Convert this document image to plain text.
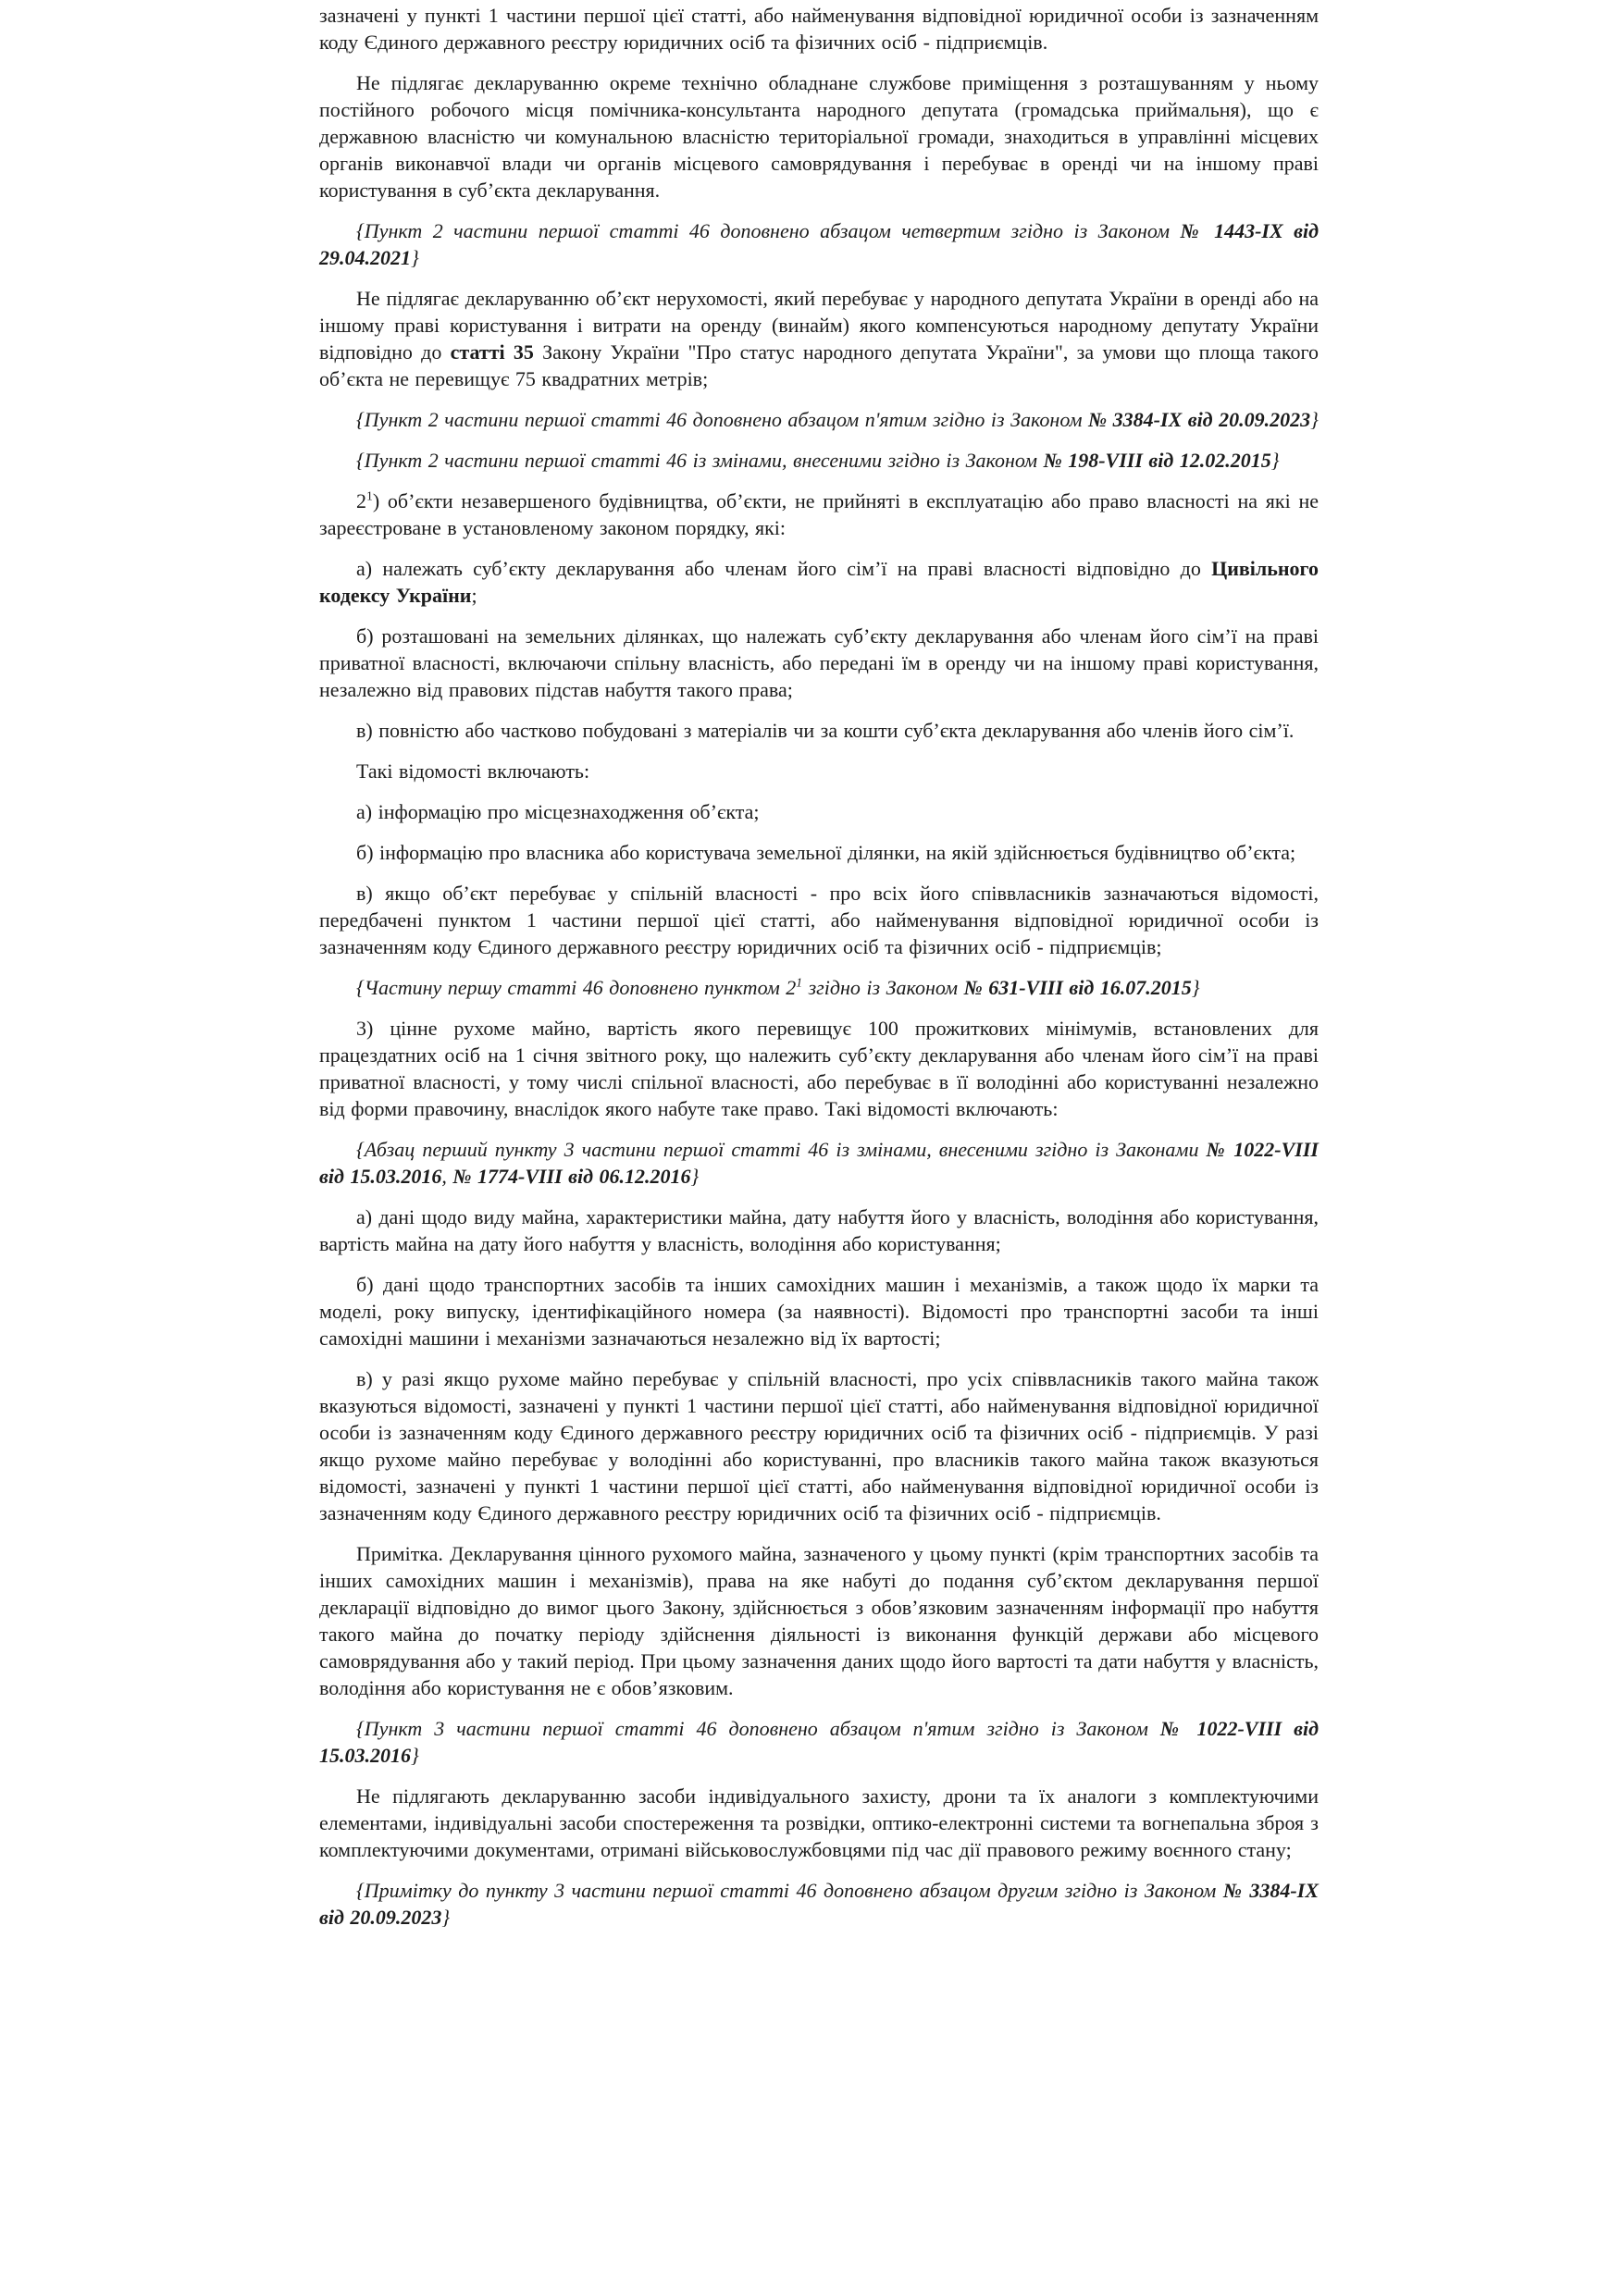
зазначені у пункті 1 частини першої цієї статті, або найменування відповідної юридичної особи із зазначенням коду Єдиного державного реєстру юридичних осіб та фізичних осіб - підприємців.

Не підлягає декларуванню окреме технічно обладнане службове приміщення з розташуванням у ньому постійного робочого місця помічника-консультанта народного депутата (громадська приймальня), що є державною власністю чи комунальною власністю територіальної громади, знаходиться в управлінні місцевих органів виконавчої влади чи органів місцевого самоврядування і перебуває в оренді чи на іншому праві користування в суб’єкта декларування.

{Пункт 2 частини першої статті 46 доповнено абзацом четвертим згідно із Законом № 1443-IX від 29.04.2021}

Не підлягає декларуванню об’єкт нерухомості, який перебуває у народного депутата України в оренді або на іншому праві користування і витрати на оренду (винайм) якого компенсуються народному депутату України відповідно до статті 35 Закону України "Про статус народного депутата України", за умови що площа такого об’єкта не перевищує 75 квадратних метрів;

{Пункт 2 частини першої статті 46 доповнено абзацом п'ятим згідно із Законом № 3384-IX від 20.09.2023}

{Пункт 2 частини першої статті 46 із змінами, внесеними згідно із Законом № 198-VIII від 12.02.2015}

$2^1$) об’єкти незавершеного будівництва, об’єкти, не прийняті в експлуатацію або право власності на які не зареєстроване в установленому законом порядку, які:

а) належать суб’єкту декларування або членам його сім’ї на праві власності відповідно до Цивільного кодексу України;

б) розташовані на земельних ділянках, що належать суб’єкту декларування або членам його сім’ї на праві приватної власності, включаючи спільну власність, або передані їм в оренду чи на іншому праві користування, незалежно від правових підстав набуття такого права;

в) повністю або частково побудовані з матеріалів чи за кошти суб’єкта декларування або членів його сім’ї.

Такі відомості включають:

а) інформацію про місцезнаходження об’єкта;

б) інформацію про власника або користувача земельної ділянки, на якій здійснюється будівництво об’єкта;

в) якщо об’єкт перебуває у спільній власності - про всіх його співвласників зазначаються відомості, передбачені пунктом 1 частини першої цієї статті, або найменування відповідної юридичної особи із зазначенням коду Єдиного державного реєстру юридичних осіб та фізичних осіб - підприємців;

{Частину першу статті 46 доповнено пунктом $2^1$ згідно із Законом № 631-VIII від 16.07.2015}

3) цінне рухоме майно, вартість якого перевищує 100 прожиткових мінімумів, встановлених для працездатних осіб на 1 січня звітного року, що належить суб’єкту декларування або членам його сім’ї на праві приватної власності, у тому числі спільної власності, або перебуває в її володінні або користуванні незалежно від форми правочину, внаслідок якого набуте таке право. Такі відомості включають:

{Абзац перший пункту 3 частини першої статті 46 із змінами, внесеними згідно із Законами № 1022-VIII від 15.03.2016, № 1774-VIII від 06.12.2016}

а) дані щодо виду майна, характеристики майна, дату набуття його у власність, володіння або користування, вартість майна на дату його набуття у власність, володіння або користування;

б) дані щодо транспортних засобів та інших самохідних машин і механізмів, а також щодо їх марки та моделі, року випуску, ідентифікаційного номера (за наявності). Відомості про транспортні засоби та інші самохідні машини і механізми зазначаються незалежно від їх вартості;

в) у разі якщо рухоме майно перебуває у спільній власності, про усіх співвласників такого майна також вказуються відомості, зазначені у пункті 1 частини першої цієї статті, або найменування відповідної юридичної особи із зазначенням коду Єдиного державного реєстру юридичних осіб та фізичних осіб - підприємців. У разі якщо рухоме майно перебуває у володінні або користуванні, про власників такого майна також вказуються відомості, зазначені у пункті 1 частини першої цієї статті, або найменування відповідної юридичної особи із зазначенням коду Єдиного державного реєстру юридичних осіб та фізичних осіб - підприємців.

Примітка. Декларування цінного рухомого майна, зазначеного у цьому пункті (крім транспортних засобів та інших самохідних машин і механізмів), права на яке набуті до подання суб’єктом декларування першої декларації відповідно до вимог цього Закону, здійснюється з обов’язковим зазначенням інформації про набуття такого майна до початку періоду здійснення діяльності із виконання функцій держави або місцевого самоврядування або у такий період. При цьому зазначення даних щодо його вартості та дати набуття у власність, володіння або користування не є обов’язковим.

{Пункт 3 частини першої статті 46 доповнено абзацом п'ятим згідно із Законом № 1022-VIII від 15.03.2016}

Не підлягають декларуванню засоби індивідуального захисту, дрони та їх аналоги з комплектуючими елементами, індивідуальні засоби спостереження та розвідки, оптико-електронні системи та вогнепальна зброя з комплектуючими документами, отримані військовослужбовцями під час дії правового режиму воєнного стану;

{Примітку до пункту 3 частини першої статті 46 доповнено абзацом другим згідно із Законом № 3384-IX від 20.09.2023}
